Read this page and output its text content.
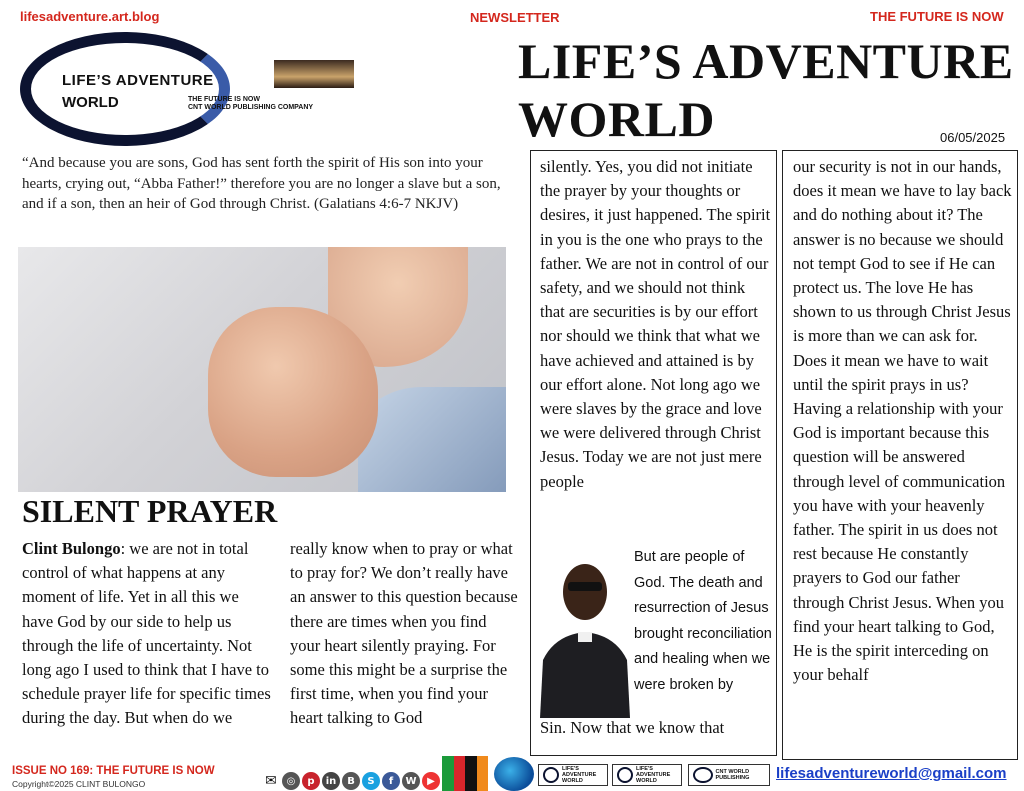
lifesadventure.art.blog	NEWSLETTER	THE FUTURE IS NOW
LIFE’S ADVENTURE
WORLD	THE FUTURE IS NOW
CNT WORLD PUBLISHING COMPANY
LIFE’S ADVENTURE WORLD	06/05/2025
“And because you are sons, God has sent forth the spirit of His son into your hearts, crying out, “Abba Father!” therefore you are no longer a slave but a son, and if a son, then an heir of God through Christ. (Galatians 4:6-7 NKJV)
SILENT PRAYER
Clint Bulongo: we are not in total control of what happens at any moment of life. Yet in all this we have God by our side to help us through the life of uncertainty. Not long ago I used to think that I have to schedule prayer life for specific times during the day. But when do we
really know when to pray or what to pray for? We don’t really have an answer to this question because there are times when you find your heart silently praying. For some this might be a surprise the first time, when you find your heart talking to God
silently. Yes, you did not initiate the prayer by your thoughts or desires, it just happened. The spirit in you is the one who prays to the father. We are not in control of our safety, and we should not think that are securities is by our effort nor should we think that what we have achieved and attained is by our effort alone. Not long ago we were slaves by the grace and love we were delivered through Christ Jesus. Today we are not just mere people
But are people of God. The death and resurrection of Jesus brought reconciliation and healing when we were broken by
Sin. Now that we know that
our security is not in our hands, does it mean we have to lay back and do nothing about it? The answer is no because we should not tempt God to see if He can protect us. The love He has shown to us through Christ Jesus is more than we can ask for. Does it mean we have to wait until the spirit prays in us? Having a relationship with your God is important because this question will be answered through level of communication you have with your heavenly father. The spirit in us does not rest because He constantly prayers to God our father through Christ Jesus. When you find your heart talking to God, He is the spirit interceding on your behalf
ISSUE NO 169: THE FUTURE IS NOW
Copyright©2025 CLINT BULONGO	✉ ◎	p	in	B	S	f	W	▶
LIFE'S ADVENTURE WORLD
LIFE'S ADVENTURE WORLD
CNT WORLD PUBLISHING	lifesadventureworld@gmail.com
